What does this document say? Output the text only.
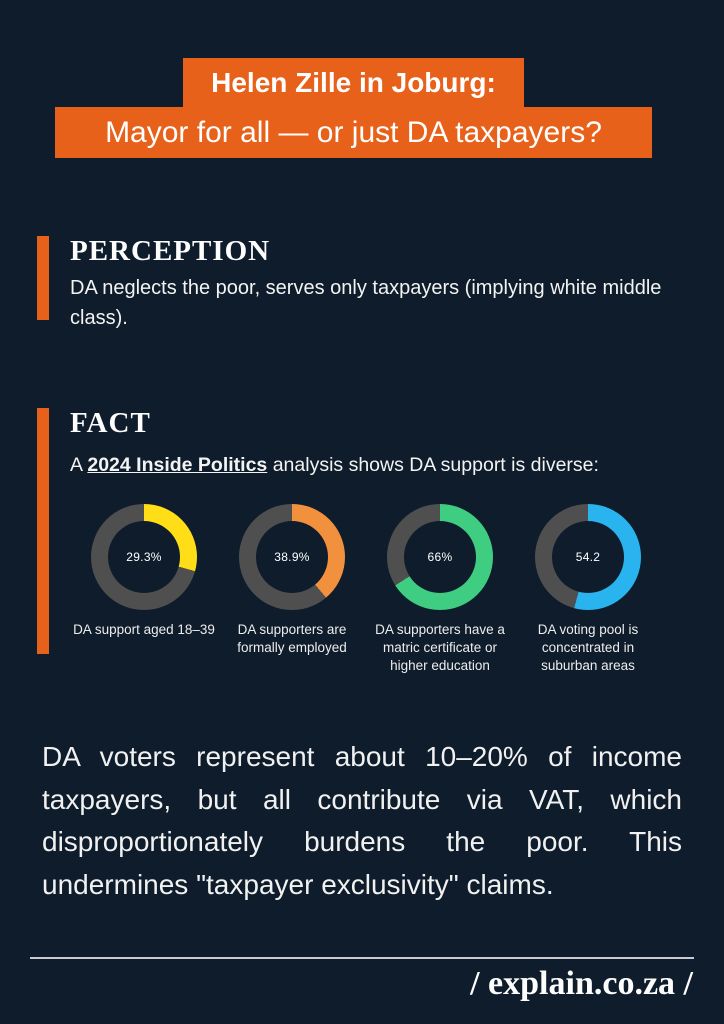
Helen Zille in Joburg:
Mayor for all — or just DA taxpayers?
PERCEPTION
DA neglects the poor, serves only taxpayers (implying white middle class).
FACT
A 2024 Inside Politics analysis shows DA support is diverse:
29.3%
DA support aged 18–39
38.9%
DA supporters are formally employed
66%
DA supporters have a matric certificate or higher education
54.2
DA voting pool is concentrated in suburban areas
DA voters represent about 10–20% of income taxpayers, but all contribute via VAT, which disproportionately burdens the poor. This undermines "taxpayer exclusivity" claims.
/ explain.co.za /
